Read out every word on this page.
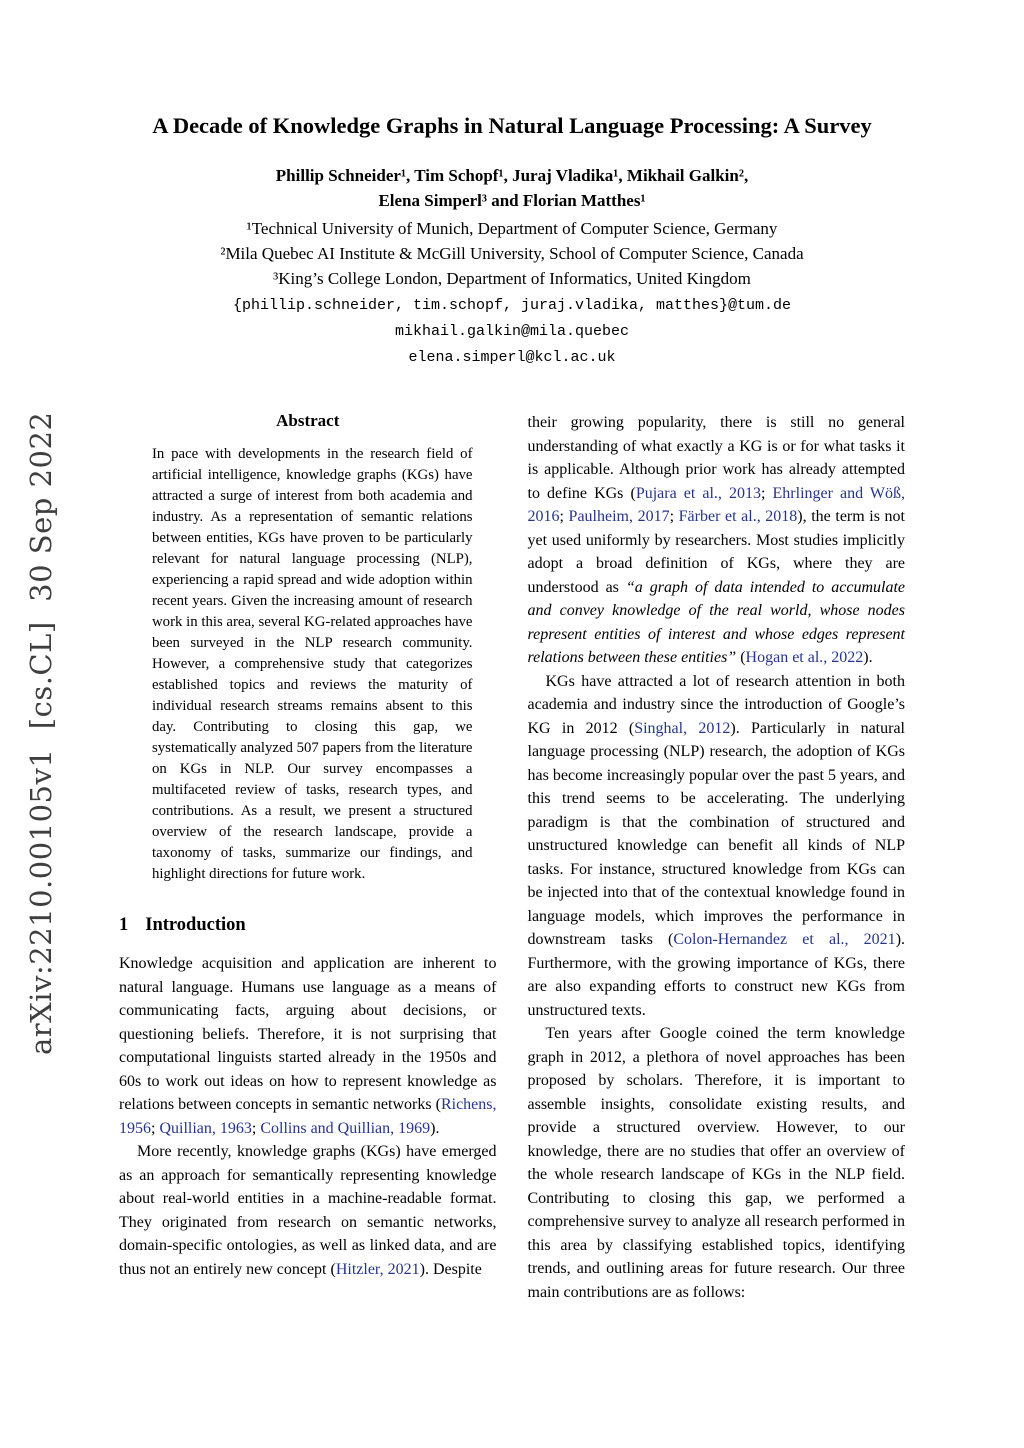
arXiv:2210.00105v1  [cs.CL]  30 Sep 2022
A Decade of Knowledge Graphs in Natural Language Processing: A Survey
Phillip Schneider¹, Tim Schopf¹, Juraj Vladika¹, Mikhail Galkin²,
Elena Simperl³ and Florian Matthes¹
¹Technical University of Munich, Department of Computer Science, Germany
²Mila Quebec AI Institute & McGill University, School of Computer Science, Canada
³King’s College London, Department of Informatics, United Kingdom
{phillip.schneider, tim.schopf, juraj.vladika, matthes}@tum.de
mikhail.galkin@mila.quebec
elena.simperl@kcl.ac.uk
Abstract

In pace with developments in the research field of artificial intelligence, knowledge graphs (KGs) have attracted a surge of interest from both academia and industry. As a representation of semantic relations between entities, KGs have proven to be particularly relevant for natural language processing (NLP), experiencing a rapid spread and wide adoption within recent years. Given the increasing amount of research work in this area, several KG-related approaches have been surveyed in the NLP research community. However, a comprehensive study that categorizes established topics and reviews the maturity of individual research streams remains absent to this day. Contributing to closing this gap, we systematically analyzed 507 papers from the literature on KGs in NLP. Our survey encompasses a multifaceted review of tasks, research types, and contributions. As a result, we present a structured overview of the research landscape, provide a taxonomy of tasks, summarize our findings, and highlight directions for future work.

1 Introduction

Knowledge acquisition and application are inherent to natural language. Humans use language as a means of communicating facts, arguing about decisions, or questioning beliefs. Therefore, it is not surprising that computational linguists started already in the 1950s and 60s to work out ideas on how to represent knowledge as relations between concepts in semantic networks (Richens, 1956; Quillian, 1963; Collins and Quillian, 1969).

More recently, knowledge graphs (KGs) have emerged as an approach for semantically representing knowledge about real-world entities in a machine-readable format. They originated from research on semantic networks, domain-specific ontologies, as well as linked data, and are thus not an entirely new concept (Hitzler, 2021). Despite

their growing popularity, there is still no general understanding of what exactly a KG is or for what tasks it is applicable. Although prior work has already attempted to define KGs (Pujara et al., 2013; Ehrlinger and Wöß, 2016; Paulheim, 2017; Färber et al., 2018), the term is not yet used uniformly by researchers. Most studies implicitly adopt a broad definition of KGs, where they are understood as “a graph of data intended to accumulate and convey knowledge of the real world, whose nodes represent entities of interest and whose edges represent relations between these entities” (Hogan et al., 2022).

KGs have attracted a lot of research attention in both academia and industry since the introduction of Google’s KG in 2012 (Singhal, 2012). Particularly in natural language processing (NLP) research, the adoption of KGs has become increasingly popular over the past 5 years, and this trend seems to be accelerating. The underlying paradigm is that the combination of structured and unstructured knowledge can benefit all kinds of NLP tasks. For instance, structured knowledge from KGs can be injected into that of the contextual knowledge found in language models, which improves the performance in downstream tasks (Colon-Hernandez et al., 2021). Furthermore, with the growing importance of KGs, there are also expanding efforts to construct new KGs from unstructured texts.

Ten years after Google coined the term knowledge graph in 2012, a plethora of novel approaches has been proposed by scholars. Therefore, it is important to assemble insights, consolidate existing results, and provide a structured overview. However, to our knowledge, there are no studies that offer an overview of the whole research landscape of KGs in the NLP field. Contributing to closing this gap, we performed a comprehensive survey to analyze all research performed in this area by classifying established topics, identifying trends, and outlining areas for future research. Our three main contributions are as follows:
